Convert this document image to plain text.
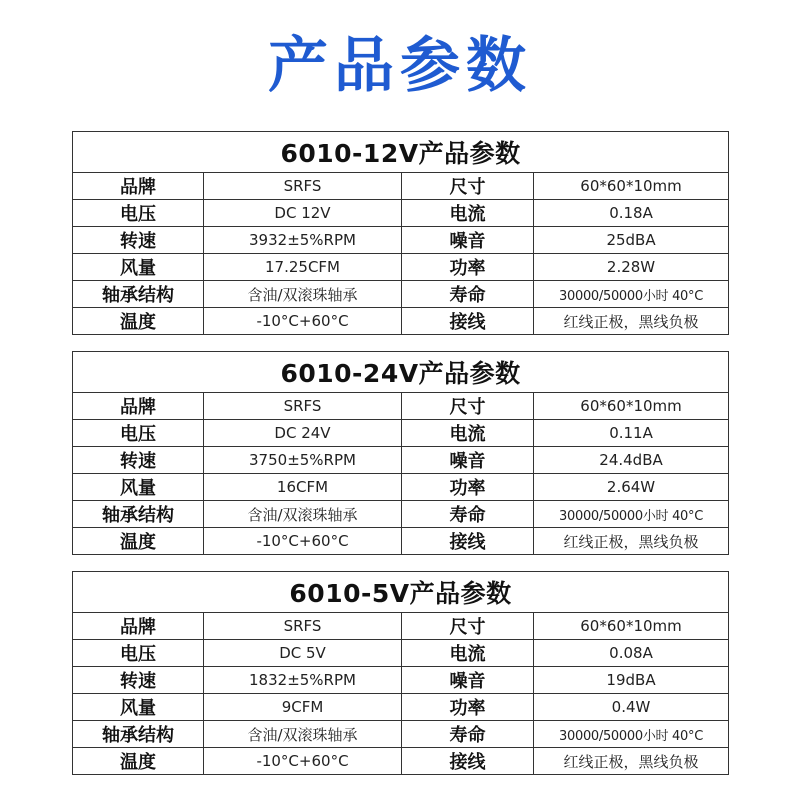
产品参数
6010-12V产品参数			
品牌	SRFS	尺寸	60*60*10mm
电压	DC 12V	电流	0.18A
转速	3932±5%RPM	噪音	25dBA
风量	17.25CFM	功率	2.28W
轴承结构	含油/双滚珠轴承	寿命	30000/50000小时 40°C
温度	-10°C+60°C	接线	红线正极，黑线负极
6010-24V产品参数			
品牌	SRFS	尺寸	60*60*10mm
电压	DC 24V	电流	0.11A
转速	3750±5%RPM	噪音	24.4dBA
风量	16CFM	功率	2.64W
轴承结构	含油/双滚珠轴承	寿命	30000/50000小时 40°C
温度	-10°C+60°C	接线	红线正极，黑线负极
6010-5V产品参数			
品牌	SRFS	尺寸	60*60*10mm
电压	DC 5V	电流	0.08A
转速	1832±5%RPM	噪音	19dBA
风量	9CFM	功率	0.4W
轴承结构	含油/双滚珠轴承	寿命	30000/50000小时 40°C
温度	-10°C+60°C	接线	红线正极，黑线负极
